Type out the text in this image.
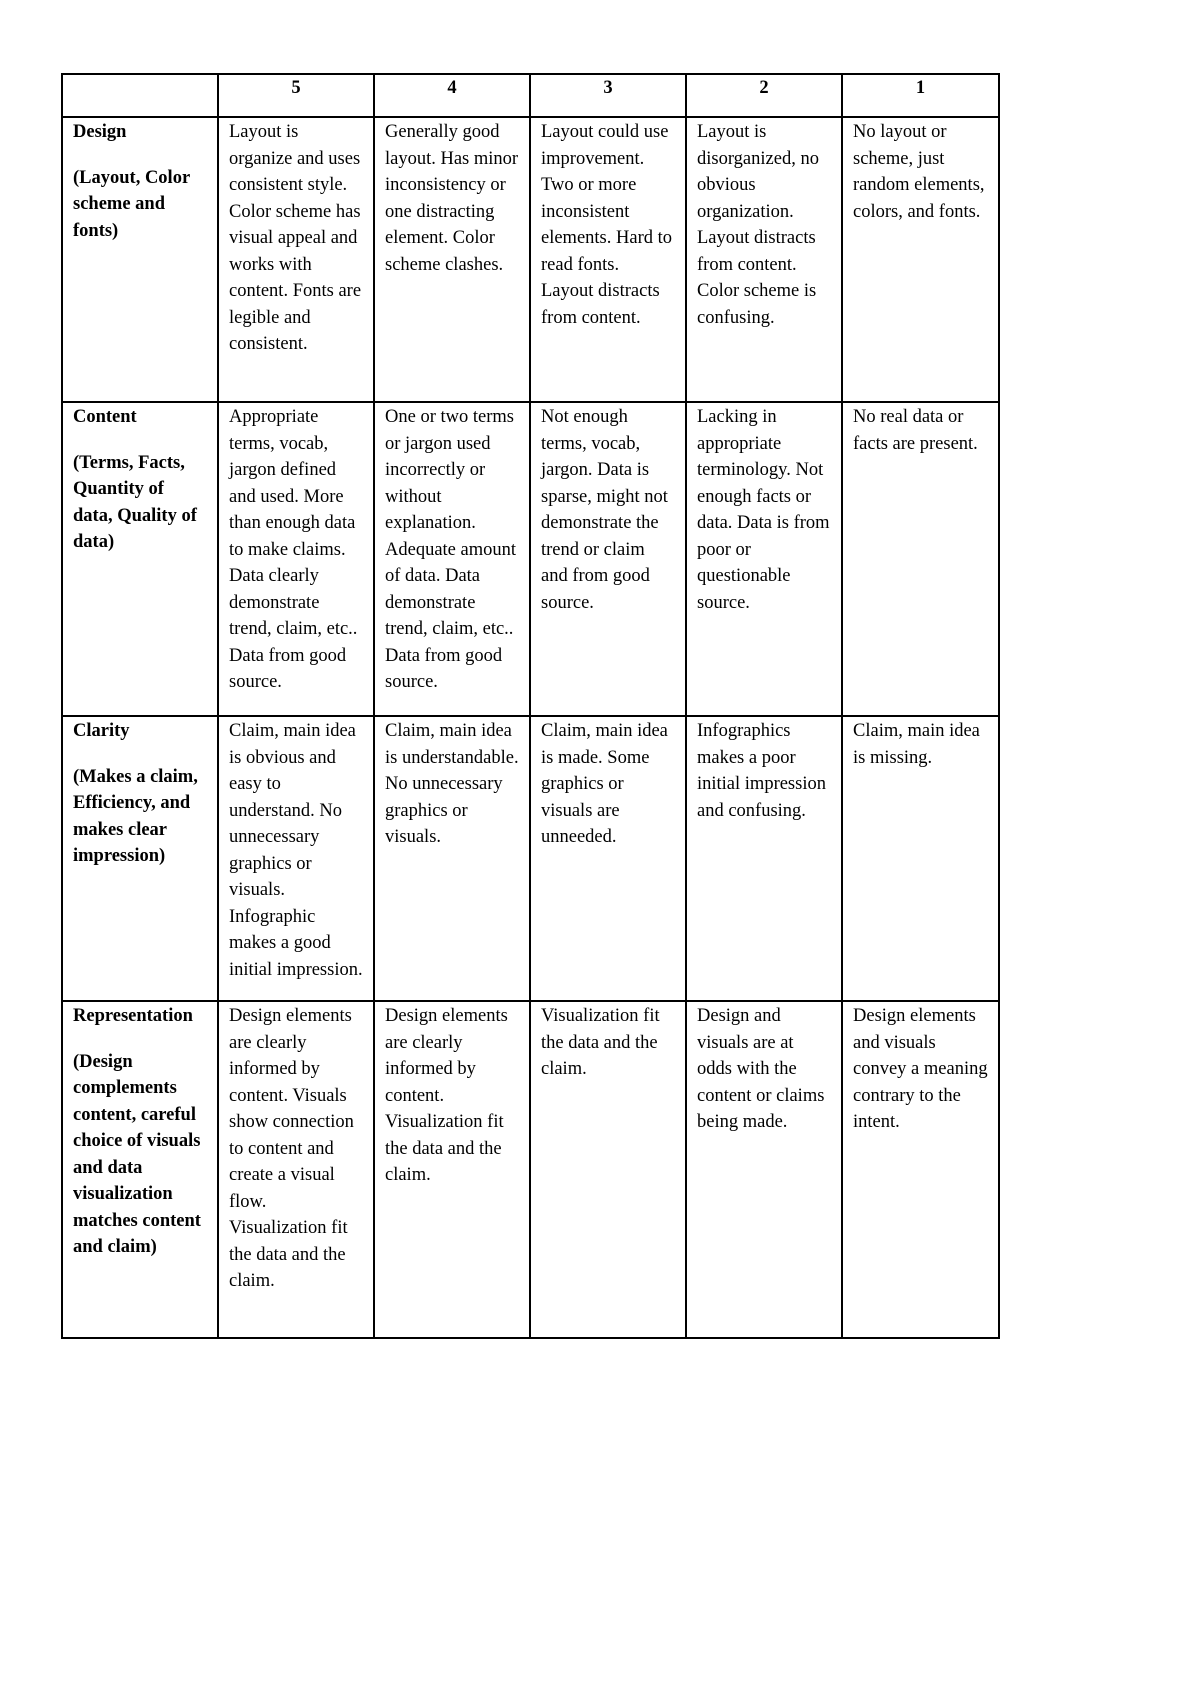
	5	4	3	2	1

Design
(Layout, Color scheme and fonts)	Layout is organize and uses consistent style. Color scheme has visual appeal and works with content. Fonts are legible and consistent.	Generally good layout. Has minor inconsistency or one distracting element. Color scheme clashes.	Layout could use improvement. Two or more inconsistent elements. Hard to read fonts. Layout distracts from content.	Layout is disorganized, no obvious organization. Layout distracts from content. Color scheme is confusing.	No layout or scheme, just random elements, colors, and fonts.

Content
(Terms, Facts, Quantity of data, Quality of data)	Appropriate terms, vocab, jargon defined and used. More than enough data to make claims. Data clearly demonstrate trend, claim, etc.. Data from good source.	One or two terms or jargon used incorrectly or without explanation. Adequate amount of data. Data demonstrate trend, claim, etc.. Data from good source.	Not enough terms, vocab, jargon. Data is sparse, might not demonstrate the trend or claim and from good source.	Lacking in appropriate terminology. Not enough facts or data. Data is from poor or questionable source.	No real data or facts are present.

Clarity
(Makes a claim, Efficiency, and makes clear impression)	Claim, main idea is obvious and easy to understand. No unnecessary graphics or visuals. Infographic makes a good initial impression.	Claim, main idea is understandable. No unnecessary graphics or visuals.	Claim, main idea is made. Some graphics or visuals are unneeded.	Infographics makes a poor initial impression and confusing.	Claim, main idea is missing.

Representation
(Design complements content, careful choice of visuals and data visualization matches content and claim)	Design elements are clearly informed by content. Visuals show connection to content and create a visual flow. Visualization fit the data and the claim.	Design elements are clearly informed by content. Visualization fit the data and the claim.	Visualization fit the data and the claim.	Design and visuals are at odds with the content or claims being made.	Design elements and visuals convey a meaning contrary to the intent.
